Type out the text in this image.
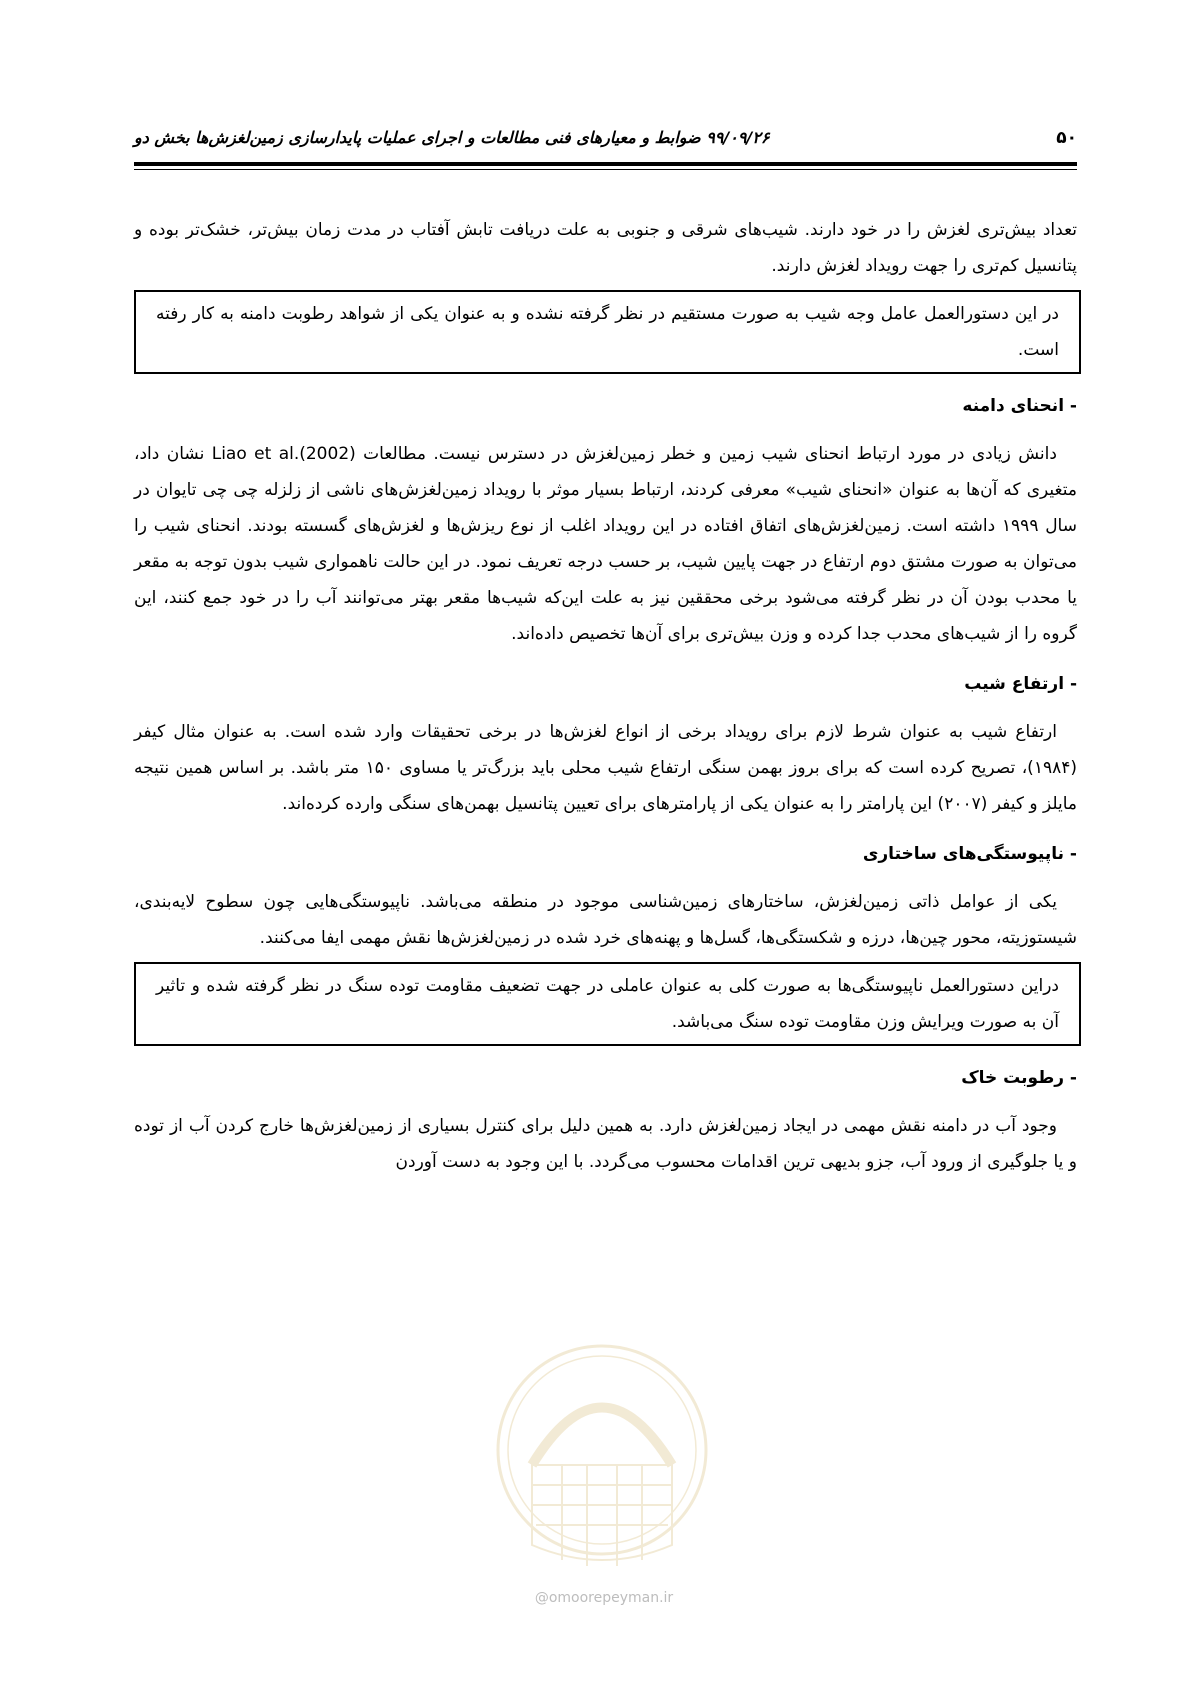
۵۰
۹۹/۰۹/۲۶ ضوابط و معیارهای فنی مطالعات و اجرای عملیات پایدارسازی زمین‌لغزش‌ها بخش دو

تعداد بیش‌تری لغزش را در خود دارند. شیب‌های شرقی و جنوبی به علت دریافت تابش آفتاب در مدت زمان بیش‌تر، خشک‌تر بوده و پتانسیل کم‌تری را جهت رویداد لغزش دارند.

در این دستورالعمل عامل وجه شیب به صورت مستقیم در نظر گرفته نشده و به عنوان یکی از شواهد رطوبت دامنه به کار رفته است.
- انحنای دامنه

دانش زیادی در مورد ارتباط انحنای شیب زمین و خطر زمین‌لغزش در دسترس نیست. مطالعات Liao et al.(2002) نشان داد، متغیری که آن‌ها به عنوان «انحنای شیب» معرفی کردند، ارتباط بسیار موثر با رویداد زمین‌لغزش‌های ناشی از زلزله چی چی تایوان در سال ۱۹۹۹ داشته است. زمین‌لغزش‌های اتفاق افتاده در این رویداد اغلب از نوع ریزش‌ها و لغزش‌های گسسته بودند. انحنای شیب را می‌توان به صورت مشتق دوم ارتفاع در جهت پایین شیب، بر حسب درجه تعریف نمود. در این حالت ناهمواری شیب بدون توجه به مقعر یا محدب بودن آن در نظر گرفته می‌شود برخی محققین نیز به علت این‌که شیب‌ها مقعر بهتر می‌توانند آب را در خود جمع کنند، این گروه را از شیب‌های محدب جدا کرده و وزن بیش‌تری برای آن‌ها تخصیص داده‌اند.

- ارتفاع شیب

ارتفاع شیب به عنوان شرط لازم برای رویداد برخی از انواع لغزش‌ها در برخی تحقیقات وارد شده است. به عنوان مثال کیفر (۱۹۸۴)، تصریح کرده است که برای بروز بهمن سنگی ارتفاع شیب محلی باید بزرگ‌تر یا مساوی ۱۵۰ متر باشد. بر اساس همین نتیجه مایلز و کیفر (۲۰۰۷) این پارامتر را به عنوان یکی از پارامترهای برای تعیین پتانسیل بهمن‌های سنگی وارده کرده‌اند.

- ناپیوستگی‌های ساختاری

یکی از عوامل ذاتی زمین‌لغزش، ساختارهای زمین‌شناسی موجود در منطقه می‌باشد. ناپیوستگی‌هایی چون سطوح لایه‌بندی، شیستوزیته، محور چین‌ها، درزه و شکستگی‌ها، گسل‌ها و پهنه‌های خرد شده در زمین‌لغزش‌ها نقش مهمی ایفا می‌کنند.

دراین دستورالعمل ناپیوستگی‌ها به صورت کلی به عنوان عاملی در جهت تضعیف مقاومت توده سنگ در نظر گرفته شده و تاثیر آن به صورت ویرایش وزن مقاومت توده سنگ می‌باشد.
- رطوبت خاک

وجود آب در دامنه نقش مهمی در ایجاد زمین‌لغزش دارد. به همین دلیل برای کنترل بسیاری از زمین‌لغزش‌ها خارج کردن آب از توده و یا جلوگیری از ورود آب، جزو بدیهی ترین اقدامات محسوب می‌گردد. با این وجود به دست آوردن

@omoorepeyman.ir
